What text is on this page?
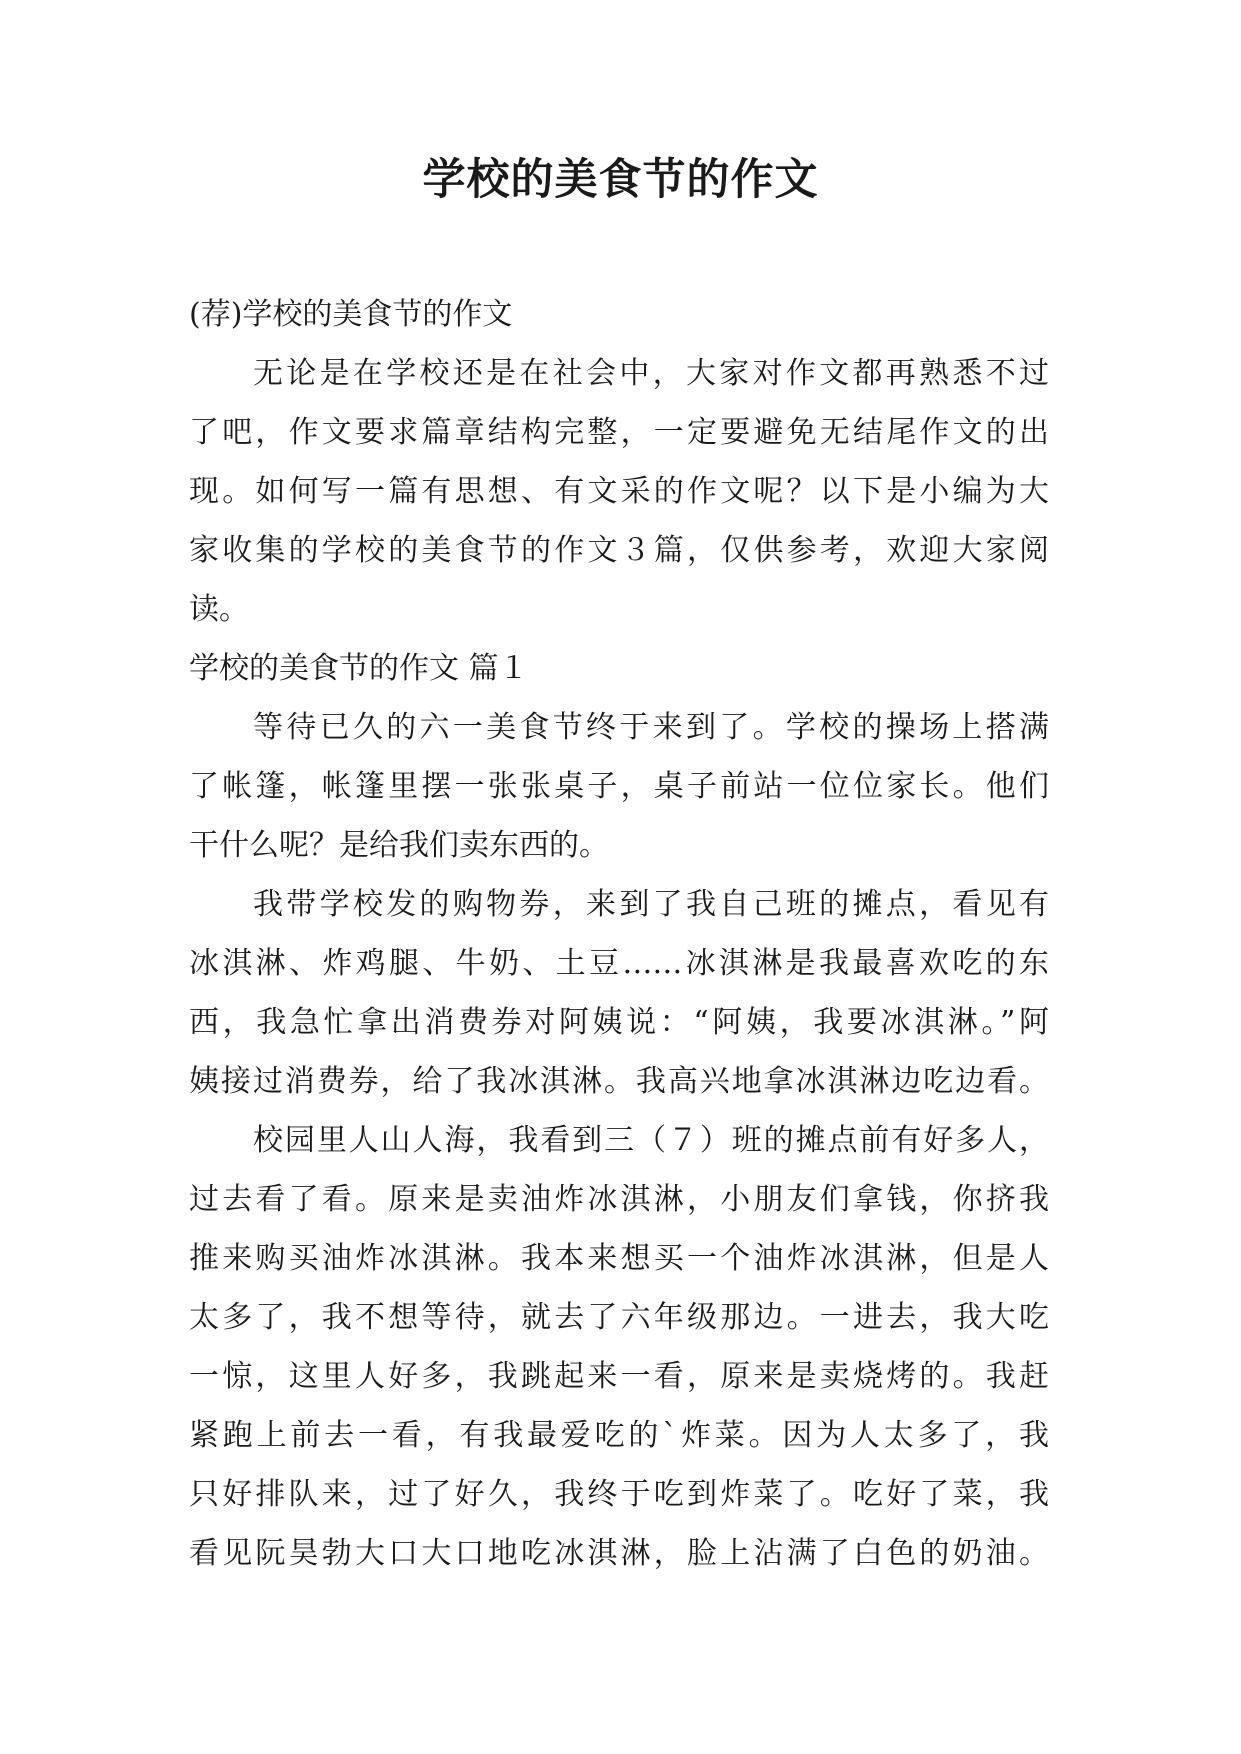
学校的美食节的作文
(荐)学校的美食节的作文
无论是在学校还是在社会中，大家对作文都再熟悉不过
了吧，作文要求篇章结构完整，一定要避免无结尾作文的出
现。如何写一篇有思想、有文采的作文呢？以下是小编为大
家收集的学校的美食节的作文３篇，仅供参考，欢迎大家阅
读。
学校的美食节的作文 篇１
等待已久的六一美食节终于来到了。学校的操场上搭满
了帐篷，帐篷里摆一张张桌子，桌子前站一位位家长。他们
干什么呢？是给我们卖东西的。
我带学校发的购物券，来到了我自己班的摊点，看见有
冰淇淋、炸鸡腿、牛奶、土豆……冰淇淋是我最喜欢吃的东
西，我急忙拿出消费券对阿姨说：“阿姨，我要冰淇淋。”阿
姨接过消费券，给了我冰淇淋。我高兴地拿冰淇淋边吃边看。
校园里人山人海，我看到三（７）班的摊点前有好多人，
过去看了看。原来是卖油炸冰淇淋，小朋友们拿钱，你挤我
推来购买油炸冰淇淋。我本来想买一个油炸冰淇淋，但是人
太多了，我不想等待，就去了六年级那边。一进去，我大吃
一惊，这里人好多，我跳起来一看，原来是卖烧烤的。我赶
紧跑上前去一看，有我最爱吃的`炸菜。因为人太多了，我
只好排队来，过了好久，我终于吃到炸菜了。吃好了菜，我
看见阮昊勃大口大口地吃冰淇淋，脸上沾满了白色的奶油。
